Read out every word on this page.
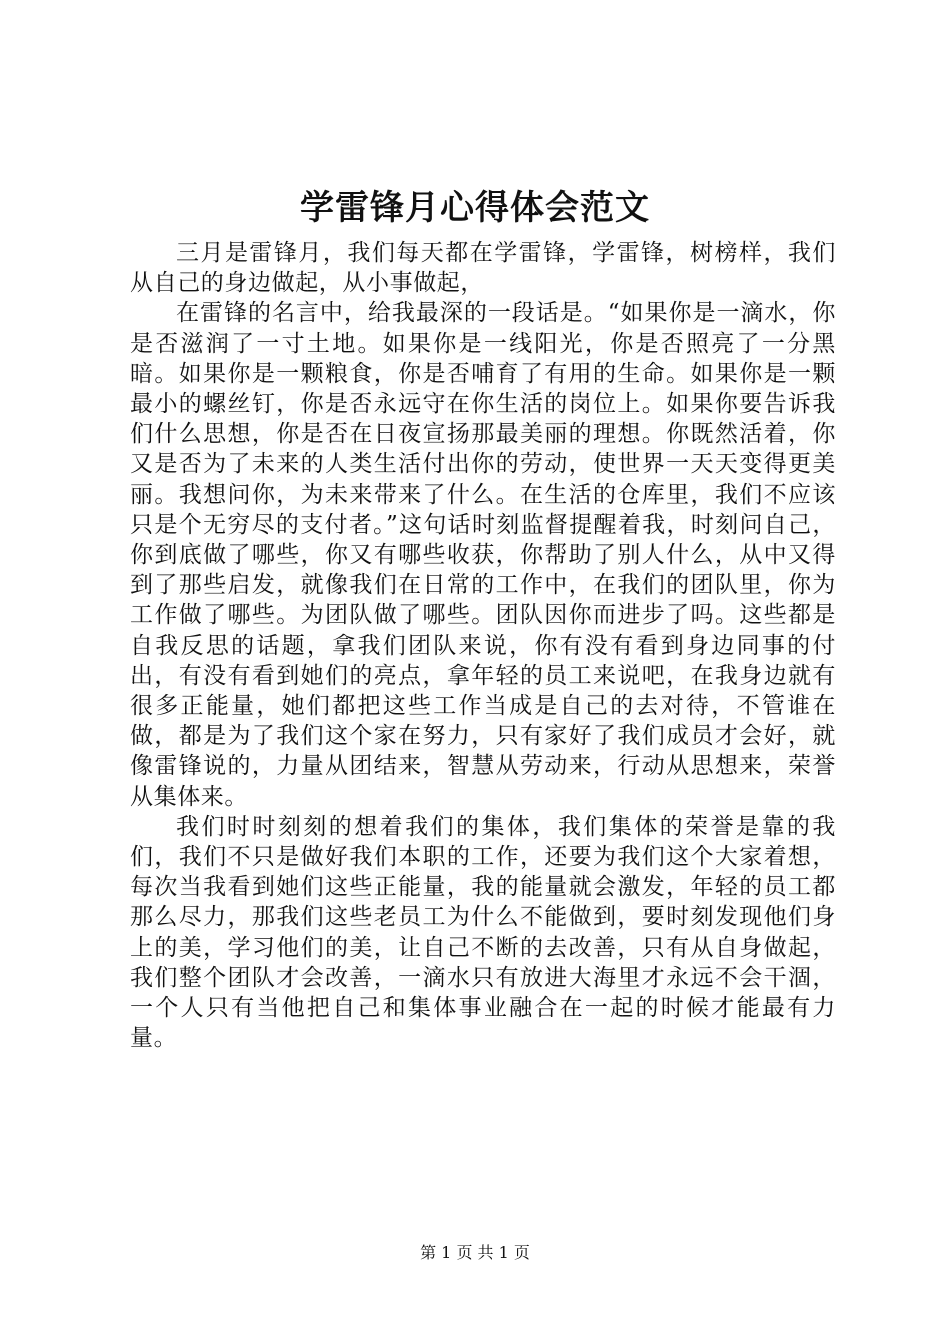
学雷锋月心得体会范文

三月是雷锋月，我们每天都在学雷锋，学雷锋，树榜样，我们从自己的身边做起，从小事做起，

在雷锋的名言中，给我最深的一段话是。“如果你是一滴水，你是否滋润了一寸土地。如果你是一线阳光，你是否照亮了一分黑暗。如果你是一颗粮食，你是否哺育了有用的生命。如果你是一颗最小的螺丝钉，你是否永远守在你生活的岗位上。如果你要告诉我们什么思想，你是否在日夜宣扬那最美丽的理想。你既然活着，你又是否为了未来的人类生活付出你的劳动，使世界一天天变得更美丽。我想问你，为未来带来了什么。在生活的仓库里，我们不应该只是个无穷尽的支付者。”这句话时刻监督提醒着我，时刻问自己，你到底做了哪些，你又有哪些收获，你帮助了别人什么，从中又得到了那些启发，就像我们在日常的工作中，在我们的团队里，你为工作做了哪些。为团队做了哪些。团队因你而进步了吗。这些都是自我反思的话题，拿我们团队来说，你有没有看到身边同事的付出，有没有看到她们的亮点，拿年轻的员工来说吧，在我身边就有很多正能量，她们都把这些工作当成是自己的去对待，不管谁在做，都是为了我们这个家在努力，只有家好了我们成员才会好，就像雷锋说的，力量从团结来，智慧从劳动来，行动从思想来，荣誉从集体来。

我们时时刻刻的想着我们的集体，我们集体的荣誉是靠的我们，我们不只是做好我们本职的工作，还要为我们这个大家着想，每次当我看到她们这些正能量，我的能量就会激发，年轻的员工都那么尽力，那我们这些老员工为什么不能做到，要时刻发现他们身上的美，学习他们的美，让自己不断的去改善，只有从自身做起，我们整个团队才会改善，一滴水只有放进大海里才永远不会干涸，一个人只有当他把自己和集体事业融合在一起的时候才能最有力量。

第 1 页 共 1 页
